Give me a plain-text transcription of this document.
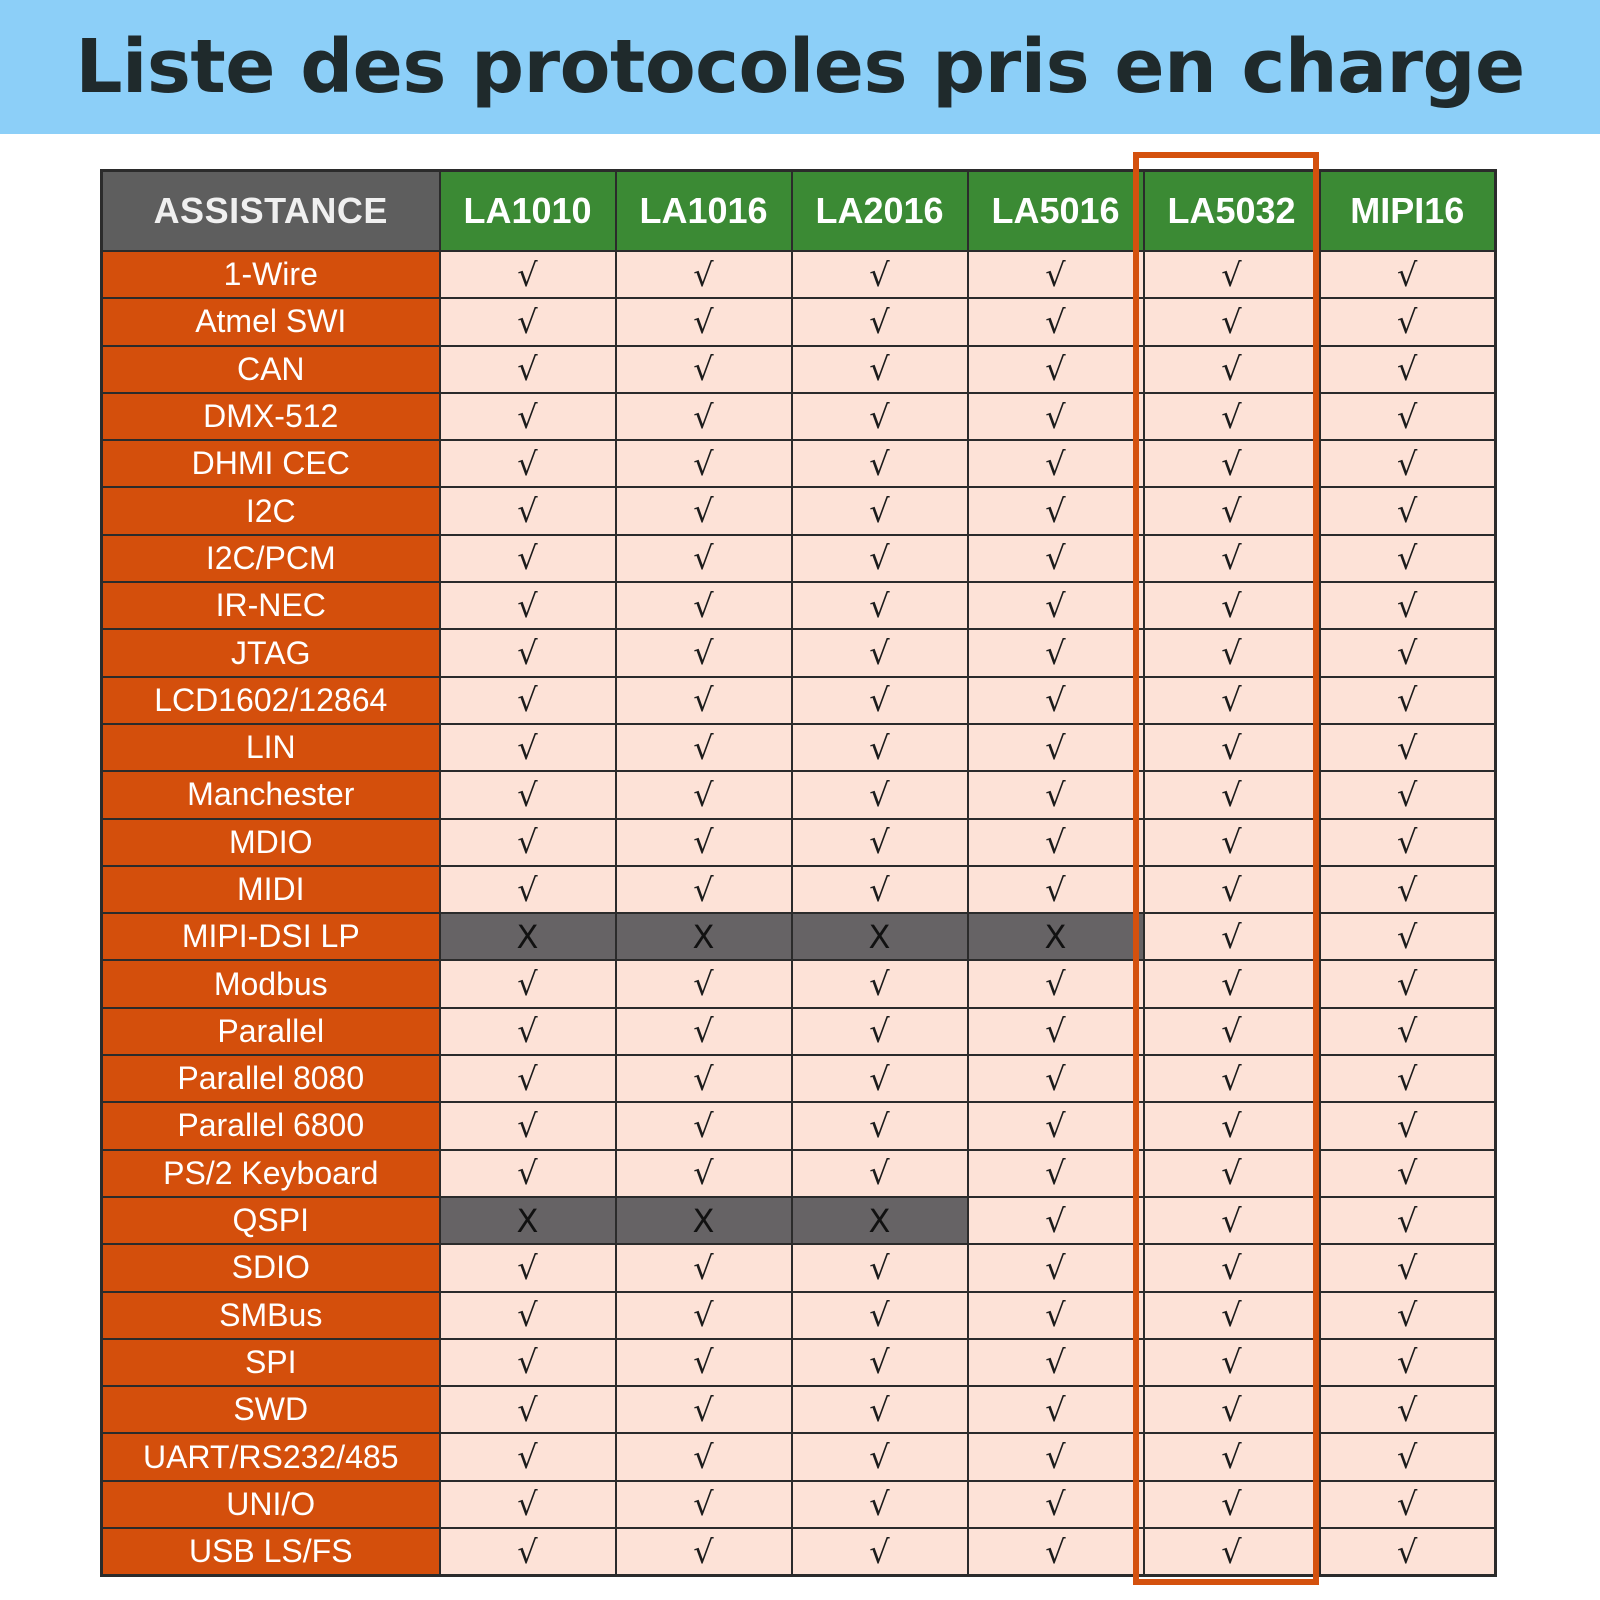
Liste des protocoles pris en charge
ASSISTANCE	LA1010	LA1016	LA2016	LA5016	LA5032	MIPI16
1-Wire	√	√	√	√	√	√
Atmel SWI	√	√	√	√	√	√
CAN	√	√	√	√	√	√
DMX-512	√	√	√	√	√	√
DHMI CEC	√	√	√	√	√	√
I2C	√	√	√	√	√	√
I2C/PCM	√	√	√	√	√	√
IR-NEC	√	√	√	√	√	√
JTAG	√	√	√	√	√	√
LCD1602/12864	√	√	√	√	√	√
LIN	√	√	√	√	√	√
Manchester	√	√	√	√	√	√
MDIO	√	√	√	√	√	√
MIDI	√	√	√	√	√	√
MIPI-DSI LP	X	X	X	X	√	√
Modbus	√	√	√	√	√	√
Parallel	√	√	√	√	√	√
Parallel 8080	√	√	√	√	√	√
Parallel 6800	√	√	√	√	√	√
PS/2 Keyboard	√	√	√	√	√	√
QSPI	X	X	X	√	√	√
SDIO	√	√	√	√	√	√
SMBus	√	√	√	√	√	√
SPI	√	√	√	√	√	√
SWD	√	√	√	√	√	√
UART/RS232/485	√	√	√	√	√	√
UNI/O	√	√	√	√	√	√
USB LS/FS	√	√	√	√	√	√
